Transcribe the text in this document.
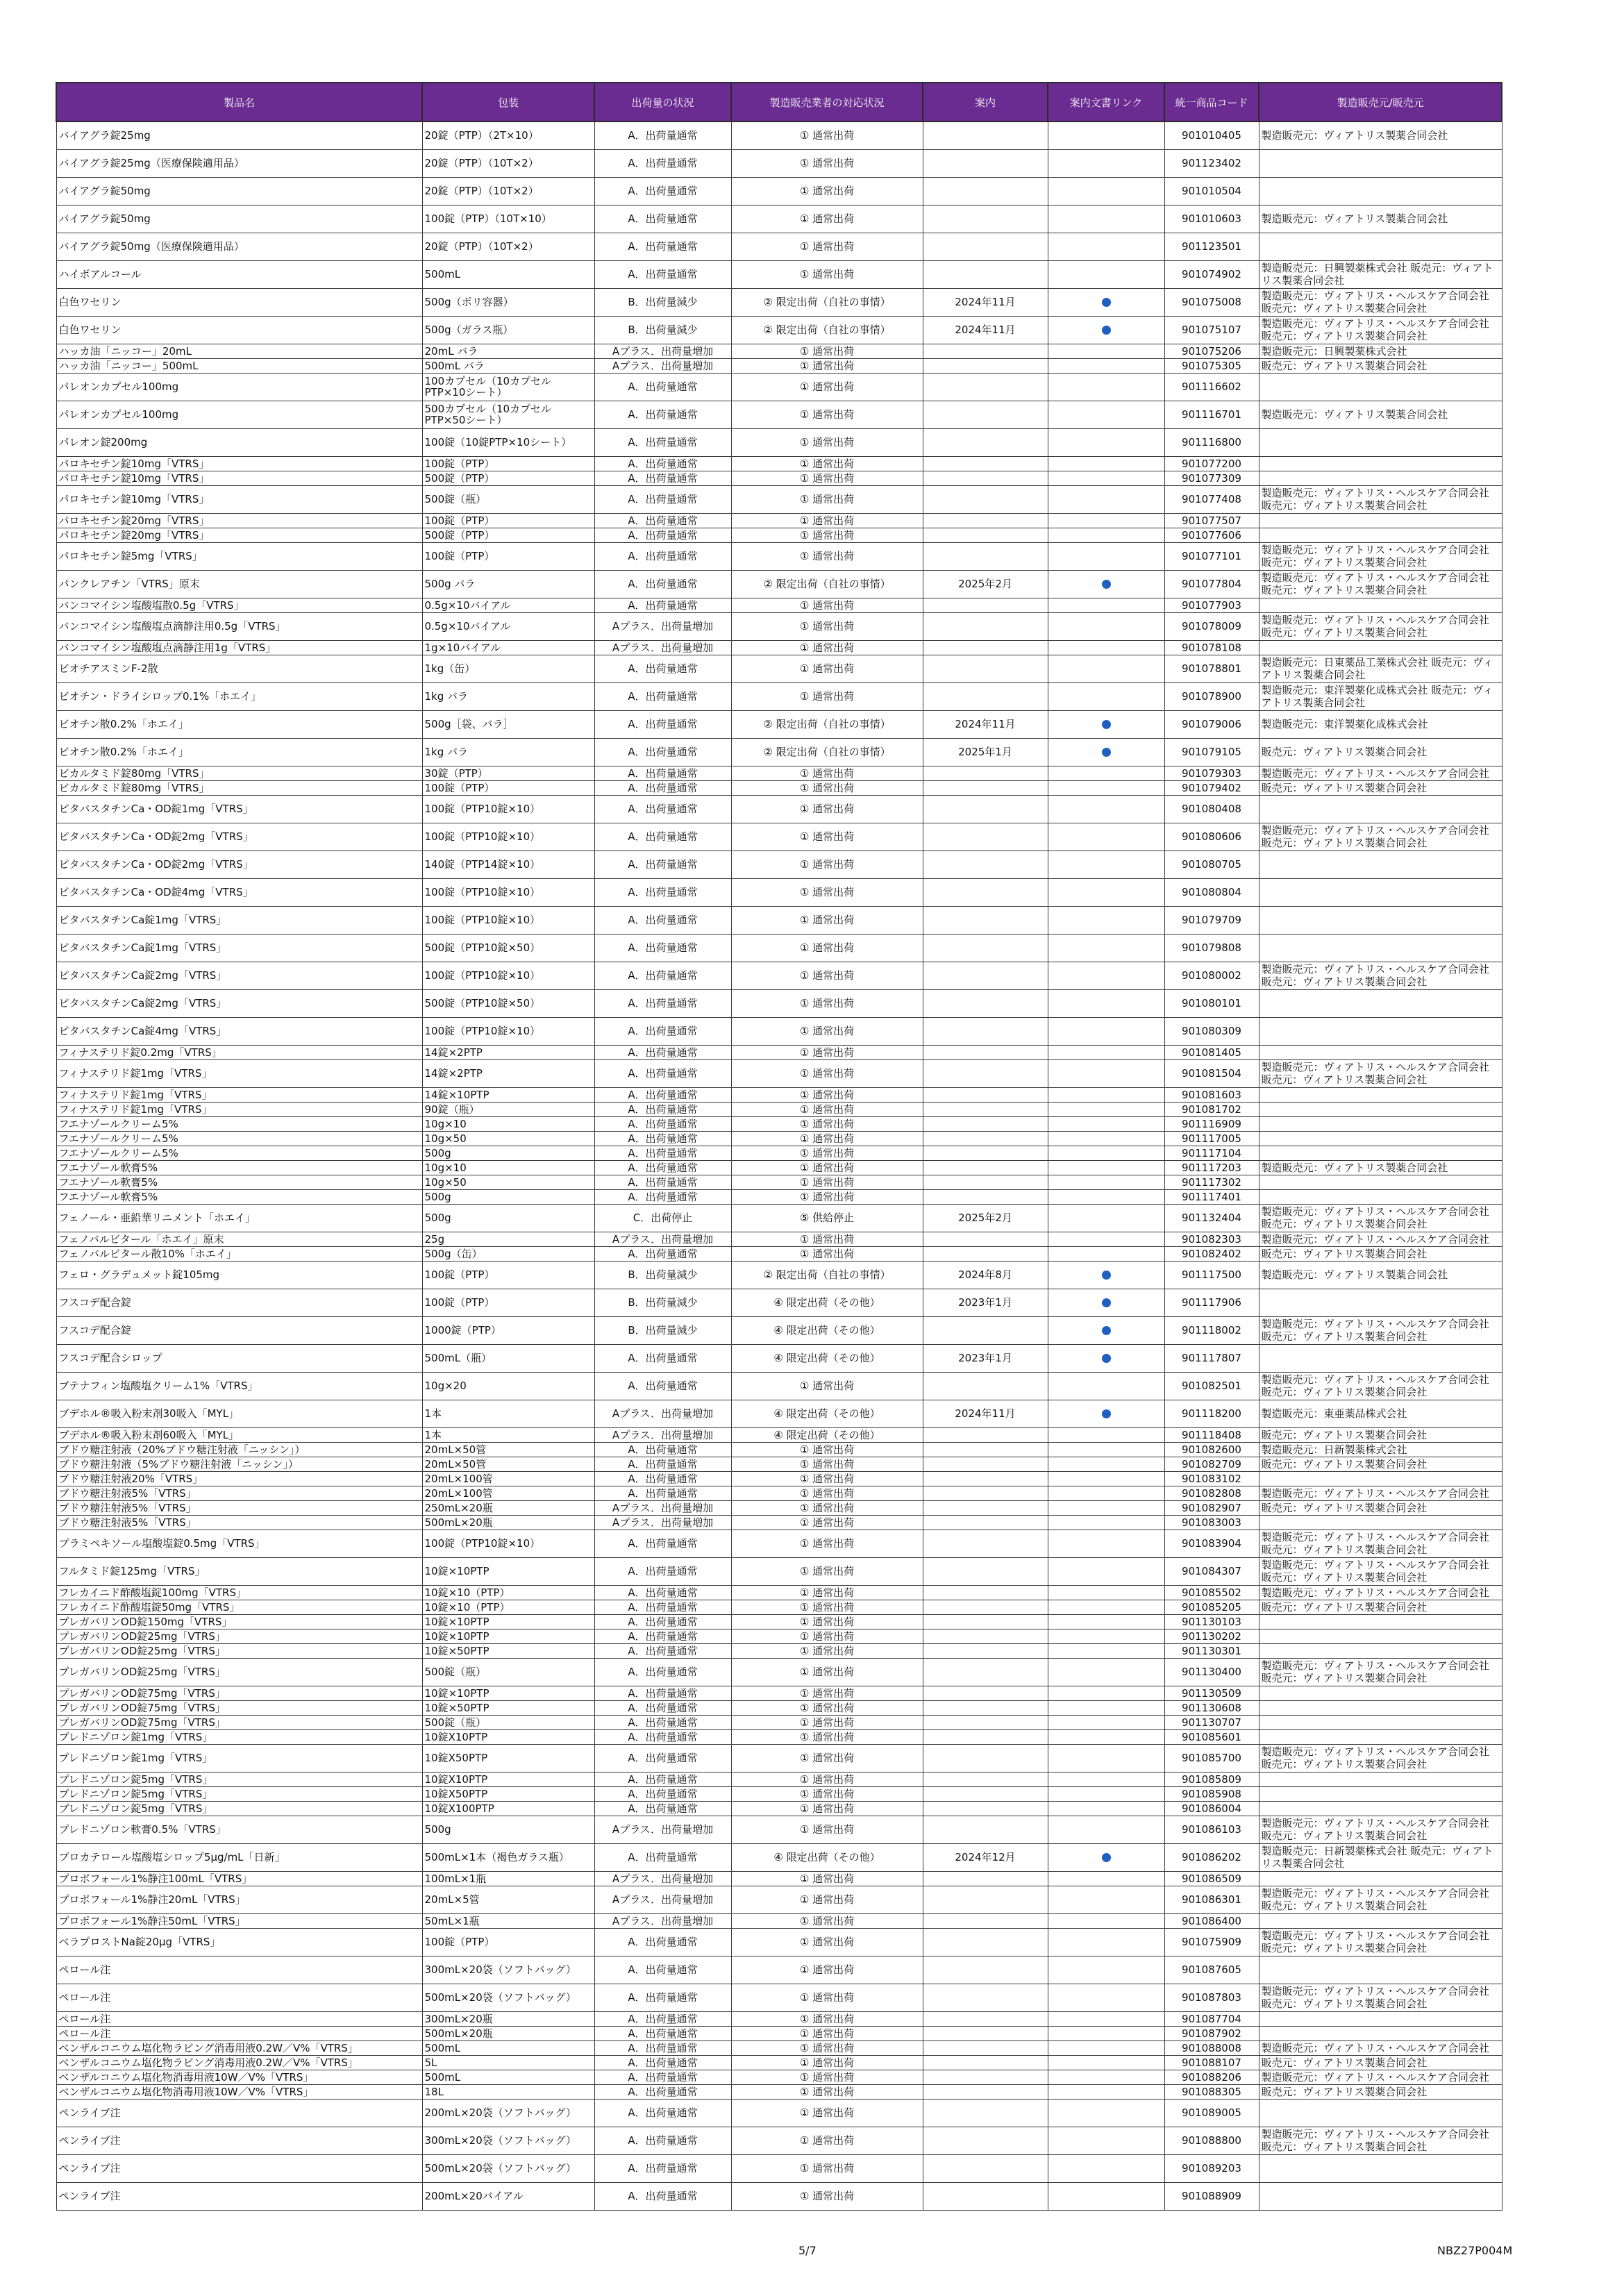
製品名	包装	出荷量の状況	製造販売業者の対応状況	案内	案内文書リンク	統一商品コード	製造販売元/販売元
バイアグラ錠25mg	20錠（PTP）（2T×10）	A．出荷量通常	① 通常出荷			901010405	製造販売元：ヴィアトリス製薬合同会社
バイアグラ錠25mg（医療保険適用品）	20錠（PTP）（10T×2）	A．出荷量通常	① 通常出荷			901123402	
バイアグラ錠50mg	20錠（PTP）（10T×2）	A．出荷量通常	① 通常出荷			901010504	
バイアグラ錠50mg	100錠（PTP）（10T×10）	A．出荷量通常	① 通常出荷			901010603	製造販売元：ヴィアトリス製薬合同会社
バイアグラ錠50mg（医療保険適用品）	20錠（PTP）（10T×2）	A．出荷量通常	① 通常出荷			901123501	
ハイボアルコール	500mL	A．出荷量通常	① 通常出荷			901074902	製造販売元：日興製薬株式会社 販売元：ヴィアトリス製薬合同会社
白色ワセリン	500g（ポリ容器）	B．出荷量減少	② 限定出荷（自社の事情）	2024年11月		901075008	製造販売元：ヴィアトリス・ヘルスケア合同会社 販売元：ヴィアトリス製薬合同会社
白色ワセリン	500g（ガラス瓶）	B．出荷量減少	② 限定出荷（自社の事情）	2024年11月		901075107	製造販売元：ヴィアトリス・ヘルスケア合同会社 販売元：ヴィアトリス製薬合同会社
ハッカ油「ニッコー」20mL	20mL バラ	Aプラス．出荷量増加	① 通常出荷			901075206	製造販売元：日興製薬株式会社
ハッカ油「ニッコー」500mL	500mL バラ	Aプラス．出荷量増加	① 通常出荷			901075305	販売元：ヴィアトリス製薬合同会社
パレオンカプセル100mg	100カプセル（10カプセルPTP×10シート）	A．出荷量通常	① 通常出荷			901116602	
パレオンカプセル100mg	500カプセル（10カプセルPTP×50シート）	A．出荷量通常	① 通常出荷			901116701	製造販売元：ヴィアトリス製薬合同会社
パレオン錠200mg	100錠（10錠PTP×10シート）	A．出荷量通常	① 通常出荷			901116800	
パロキセチン錠10mg「VTRS」	100錠（PTP）	A．出荷量通常	① 通常出荷			901077200	
パロキセチン錠10mg「VTRS」	500錠（PTP）	A．出荷量通常	① 通常出荷			901077309	
パロキセチン錠10mg「VTRS」	500錠（瓶）	A．出荷量通常	① 通常出荷			901077408	製造販売元：ヴィアトリス・ヘルスケア合同会社 販売元：ヴィアトリス製薬合同会社
パロキセチン錠20mg「VTRS」	100錠（PTP）	A．出荷量通常	① 通常出荷			901077507	
パロキセチン錠20mg「VTRS」	500錠（PTP）	A．出荷量通常	① 通常出荷			901077606	
パロキセチン錠5mg「VTRS」	100錠（PTP）	A．出荷量通常	① 通常出荷			901077101	製造販売元：ヴィアトリス・ヘルスケア合同会社 販売元：ヴィアトリス製薬合同会社
パンクレアチン「VTRS」原末	500g バラ	A．出荷量通常	② 限定出荷（自社の事情）	2025年2月		901077804	製造販売元：ヴィアトリス・ヘルスケア合同会社 販売元：ヴィアトリス製薬合同会社
バンコマイシン塩酸塩散0.5g「VTRS」	0.5g×10バイアル	A．出荷量通常	① 通常出荷			901077903	
バンコマイシン塩酸塩点滴静注用0.5g「VTRS」	0.5g×10バイアル	Aプラス．出荷量増加	① 通常出荷			901078009	製造販売元：ヴィアトリス・ヘルスケア合同会社 販売元：ヴィアトリス製薬合同会社
バンコマイシン塩酸塩点滴静注用1g「VTRS」	1g×10バイアル	Aプラス．出荷量増加	① 通常出荷			901078108	
ビオチアスミンF-2散	1kg（缶）	A．出荷量通常	① 通常出荷			901078801	製造販売元：日東薬品工業株式会社 販売元：ヴィアトリス製薬合同会社
ビオチン・ドライシロップ0.1%「ホエイ」	1kg バラ	A．出荷量通常	① 通常出荷			901078900	製造販売元：東洋製薬化成株式会社 販売元：ヴィアトリス製薬合同会社
ビオチン散0.2%「ホエイ」	500g［袋、バラ］	A．出荷量通常	② 限定出荷（自社の事情）	2024年11月		901079006	製造販売元：東洋製薬化成株式会社
ビオチン散0.2%「ホエイ」	1kg バラ	A．出荷量通常	② 限定出荷（自社の事情）	2025年1月		901079105	販売元：ヴィアトリス製薬合同会社
ビカルタミド錠80mg「VTRS」	30錠（PTP）	A．出荷量通常	① 通常出荷			901079303	製造販売元：ヴィアトリス・ヘルスケア合同会社
ビカルタミド錠80mg「VTRS」	100錠（PTP）	A．出荷量通常	① 通常出荷			901079402	販売元：ヴィアトリス製薬合同会社
ピタバスタチンCa・OD錠1mg「VTRS」	100錠（PTP10錠×10）	A．出荷量通常	① 通常出荷			901080408	
ピタバスタチンCa・OD錠2mg「VTRS」	100錠（PTP10錠×10）	A．出荷量通常	① 通常出荷			901080606	製造販売元：ヴィアトリス・ヘルスケア合同会社 販売元：ヴィアトリス製薬合同会社
ピタバスタチンCa・OD錠2mg「VTRS」	140錠（PTP14錠×10）	A．出荷量通常	① 通常出荷			901080705	
ピタバスタチンCa・OD錠4mg「VTRS」	100錠（PTP10錠×10）	A．出荷量通常	① 通常出荷			901080804	
ピタバスタチンCa錠1mg「VTRS」	100錠（PTP10錠×10）	A．出荷量通常	① 通常出荷			901079709	
ピタバスタチンCa錠1mg「VTRS」	500錠（PTP10錠×50）	A．出荷量通常	① 通常出荷			901079808	
ピタバスタチンCa錠2mg「VTRS」	100錠（PTP10錠×10）	A．出荷量通常	① 通常出荷			901080002	製造販売元：ヴィアトリス・ヘルスケア合同会社 販売元：ヴィアトリス製薬合同会社
ピタバスタチンCa錠2mg「VTRS」	500錠（PTP10錠×50）	A．出荷量通常	① 通常出荷			901080101	
ピタバスタチンCa錠4mg「VTRS」	100錠（PTP10錠×10）	A．出荷量通常	① 通常出荷			901080309	
フィナステリド錠0.2mg「VTRS」	14錠×2PTP	A．出荷量通常	① 通常出荷			901081405	
フィナステリド錠1mg「VTRS」	14錠×2PTP	A．出荷量通常	① 通常出荷			901081504	製造販売元：ヴィアトリス・ヘルスケア合同会社 販売元：ヴィアトリス製薬合同会社
フィナステリド錠1mg「VTRS」	14錠×10PTP	A．出荷量通常	① 通常出荷			901081603	
フィナステリド錠1mg「VTRS」	90錠（瓶）	A．出荷量通常	① 通常出荷			901081702	
フエナゾールクリーム5%	10g×10	A．出荷量通常	① 通常出荷			901116909	
フエナゾールクリーム5%	10g×50	A．出荷量通常	① 通常出荷			901117005	
フエナゾールクリーム5%	500g	A．出荷量通常	① 通常出荷			901117104	
フエナゾール軟膏5%	10g×10	A．出荷量通常	① 通常出荷			901117203	製造販売元：ヴィアトリス製薬合同会社
フエナゾール軟膏5%	10g×50	A．出荷量通常	① 通常出荷			901117302	
フエナゾール軟膏5%	500g	A．出荷量通常	① 通常出荷			901117401	
フェノール・亜鉛華リニメント「ホエイ」	500g	C．出荷停止	⑤ 供給停止	2025年2月		901132404	製造販売元：ヴィアトリス・ヘルスケア合同会社 販売元：ヴィアトリス製薬合同会社
フェノバルビタール「ホエイ」原末	25g	Aプラス．出荷量増加	① 通常出荷			901082303	製造販売元：ヴィアトリス・ヘルスケア合同会社
フェノバルビタール散10%「ホエイ」	500g（缶）	A．出荷量通常	① 通常出荷			901082402	販売元：ヴィアトリス製薬合同会社
フェロ・グラデュメット錠105mg	100錠（PTP）	B．出荷量減少	② 限定出荷（自社の事情）	2024年8月		901117500	製造販売元：ヴィアトリス製薬合同会社
フスコデ配合錠	100錠（PTP）	B．出荷量減少	④ 限定出荷（その他）	2023年1月		901117906	
フスコデ配合錠	1000錠（PTP）	B．出荷量減少	④ 限定出荷（その他）			901118002	製造販売元：ヴィアトリス・ヘルスケア合同会社 販売元：ヴィアトリス製薬合同会社
フスコデ配合シロップ	500mL（瓶）	A．出荷量通常	④ 限定出荷（その他）	2023年1月		901117807	
ブテナフィン塩酸塩クリーム1%「VTRS」	10g×20	A．出荷量通常	① 通常出荷			901082501	製造販売元：ヴィアトリス・ヘルスケア合同会社 販売元：ヴィアトリス製薬合同会社
ブデホル®吸入粉末剤30吸入「MYL」	1本	Aプラス．出荷量増加	④ 限定出荷（その他）	2024年11月		901118200	製造販売元：東亜薬品株式会社
ブデホル®吸入粉末剤60吸入「MYL」	1本	Aプラス．出荷量増加	④ 限定出荷（その他）			901118408	販売元：ヴィアトリス製薬合同会社
ブドウ糖注射液（20%ブドウ糖注射液「ニッシン」）	20mL×50管	A．出荷量通常	① 通常出荷			901082600	製造販売元：日新製薬株式会社
ブドウ糖注射液（5%ブドウ糖注射液「ニッシン」）	20mL×50管	A．出荷量通常	① 通常出荷			901082709	販売元：ヴィアトリス製薬合同会社
ブドウ糖注射液20%「VTRS」	20mL×100管	A．出荷量通常	① 通常出荷			901083102	
ブドウ糖注射液5%「VTRS」	20mL×100管	A．出荷量通常	① 通常出荷			901082808	製造販売元：ヴィアトリス・ヘルスケア合同会社
ブドウ糖注射液5%「VTRS」	250mL×20瓶	Aプラス．出荷量増加	① 通常出荷			901082907	販売元：ヴィアトリス製薬合同会社
ブドウ糖注射液5%「VTRS」	500mL×20瓶	Aプラス．出荷量増加	① 通常出荷			901083003	
プラミペキソール塩酸塩錠0.5mg「VTRS」	100錠（PTP10錠×10）	A．出荷量通常	① 通常出荷			901083904	製造販売元：ヴィアトリス・ヘルスケア合同会社 販売元：ヴィアトリス製薬合同会社
フルタミド錠125mg「VTRS」	10錠×10PTP	A．出荷量通常	① 通常出荷			901084307	製造販売元：ヴィアトリス・ヘルスケア合同会社 販売元：ヴィアトリス製薬合同会社
フレカイニド酢酸塩錠100mg「VTRS」	10錠×10（PTP）	A．出荷量通常	① 通常出荷			901085502	製造販売元：ヴィアトリス・ヘルスケア合同会社
フレカイニド酢酸塩錠50mg「VTRS」	10錠×10（PTP）	A．出荷量通常	① 通常出荷			901085205	販売元：ヴィアトリス製薬合同会社
プレガバリンOD錠150mg「VTRS」	10錠×10PTP	A．出荷量通常	① 通常出荷			901130103	
プレガバリンOD錠25mg「VTRS」	10錠×10PTP	A．出荷量通常	① 通常出荷			901130202	
プレガバリンOD錠25mg「VTRS」	10錠×50PTP	A．出荷量通常	① 通常出荷			901130301	
プレガバリンOD錠25mg「VTRS」	500錠（瓶）	A．出荷量通常	① 通常出荷			901130400	製造販売元：ヴィアトリス・ヘルスケア合同会社 販売元：ヴィアトリス製薬合同会社
プレガバリンOD錠75mg「VTRS」	10錠×10PTP	A．出荷量通常	① 通常出荷			901130509	
プレガバリンOD錠75mg「VTRS」	10錠×50PTP	A．出荷量通常	① 通常出荷			901130608	
プレガバリンOD錠75mg「VTRS」	500錠（瓶）	A．出荷量通常	① 通常出荷			901130707	
プレドニゾロン錠1mg「VTRS」	10錠X10PTP	A．出荷量通常	① 通常出荷			901085601	
プレドニゾロン錠1mg「VTRS」	10錠X50PTP	A．出荷量通常	① 通常出荷			901085700	製造販売元：ヴィアトリス・ヘルスケア合同会社 販売元：ヴィアトリス製薬合同会社
プレドニゾロン錠5mg「VTRS」	10錠X10PTP	A．出荷量通常	① 通常出荷			901085809	
プレドニゾロン錠5mg「VTRS」	10錠X50PTP	A．出荷量通常	① 通常出荷			901085908	
プレドニゾロン錠5mg「VTRS」	10錠X100PTP	A．出荷量通常	① 通常出荷			901086004	
プレドニゾロン軟膏0.5%「VTRS」	500g	Aプラス．出荷量増加	① 通常出荷			901086103	製造販売元：ヴィアトリス・ヘルスケア合同会社 販売元：ヴィアトリス製薬合同会社
プロカテロール塩酸塩シロップ5μg/mL「日新」	500mL×1本（褐色ガラス瓶）	A．出荷量通常	④ 限定出荷（その他）	2024年12月		901086202	製造販売元：日新製薬株式会社 販売元：ヴィアトリス製薬合同会社
プロポフォール1%静注100mL「VTRS」	100mL×1瓶	Aプラス．出荷量増加	① 通常出荷			901086509	
プロポフォール1%静注20mL「VTRS」	20mL×5管	Aプラス．出荷量増加	① 通常出荷			901086301	製造販売元：ヴィアトリス・ヘルスケア合同会社 販売元：ヴィアトリス製薬合同会社
プロポフォール1%静注50mL「VTRS」	50mL×1瓶	Aプラス．出荷量増加	① 通常出荷			901086400	
ベラプロストNa錠20μg「VTRS」	100錠（PTP）	A．出荷量通常	① 通常出荷			901075909	製造販売元：ヴィアトリス・ヘルスケア合同会社 販売元：ヴィアトリス製薬合同会社
ペロール注	300mL×20袋（ソフトバッグ）	A．出荷量通常	① 通常出荷			901087605	
ペロール注	500mL×20袋（ソフトバッグ）	A．出荷量通常	① 通常出荷			901087803	製造販売元：ヴィアトリス・ヘルスケア合同会社 販売元：ヴィアトリス製薬合同会社
ペロール注	300mL×20瓶	A．出荷量通常	① 通常出荷			901087704	
ペロール注	500mL×20瓶	A．出荷量通常	① 通常出荷			901087902	
ベンザルコニウム塩化物ラビング消毒用液0.2W／V%「VTRS」	500mL	A．出荷量通常	① 通常出荷			901088008	製造販売元：ヴィアトリス・ヘルスケア合同会社
ベンザルコニウム塩化物ラビング消毒用液0.2W／V%「VTRS」	5L	A．出荷量通常	① 通常出荷			901088107	販売元：ヴィアトリス製薬合同会社
ベンザルコニウム塩化物消毒用液10W／V%「VTRS」	500mL	A．出荷量通常	① 通常出荷			901088206	製造販売元：ヴィアトリス・ヘルスケア合同会社
ベンザルコニウム塩化物消毒用液10W／V%「VTRS」	18L	A．出荷量通常	① 通常出荷			901088305	販売元：ヴィアトリス製薬合同会社
ペンライブ注	200mL×20袋（ソフトバッグ）	A．出荷量通常	① 通常出荷			901089005	
ペンライブ注	300mL×20袋（ソフトバッグ）	A．出荷量通常	① 通常出荷			901088800	製造販売元：ヴィアトリス・ヘルスケア合同会社 販売元：ヴィアトリス製薬合同会社
ペンライブ注	500mL×20袋（ソフトバッグ）	A．出荷量通常	① 通常出荷			901089203	
ペンライブ注	200mL×20バイアル	A．出荷量通常	① 通常出荷			901088909	
5/7	NBZ27P004M
